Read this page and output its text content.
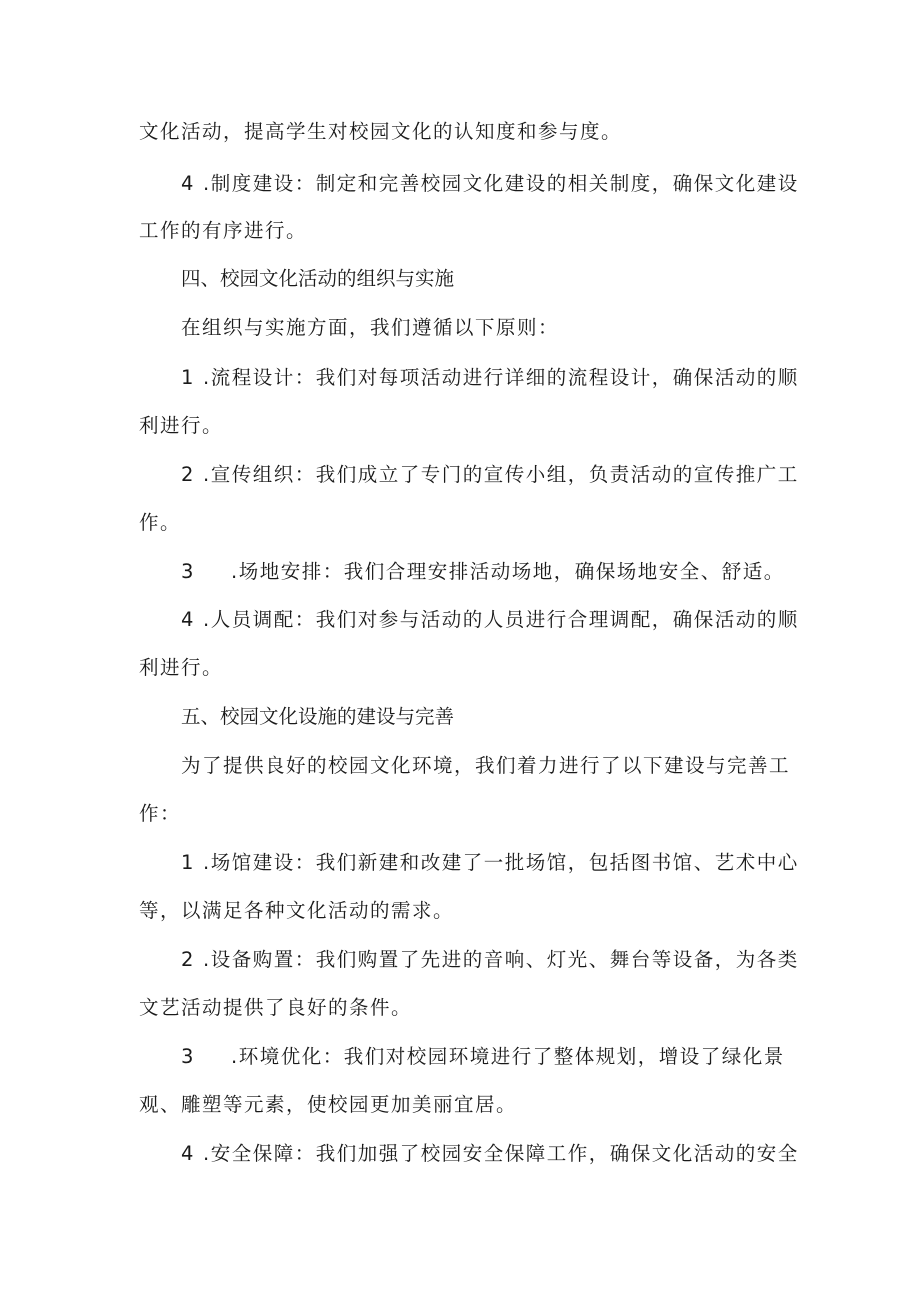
文化活动，提高学生对校园文化的认知度和参与度。
4 .制度建设：制定和完善校园文化建设的相关制度，确保文化建设
工作的有序进行。
四、校园文化活动的组织与实施
在组织与实施方面，我们遵循以下原则：
1 .流程设计：我们对每项活动进行详细的流程设计，确保活动的顺
利进行。
2 .宣传组织：我们成立了专门的宣传小组，负责活动的宣传推广工
作。
3 .场地安排：我们合理安排活动场地，确保场地安全、舒适。
4 .人员调配：我们对参与活动的人员进行合理调配，确保活动的顺
利进行。
五、校园文化设施的建设与完善
为了提供良好的校园文化环境，我们着力进行了以下建设与完善工
作：
1 .场馆建设：我们新建和改建了一批场馆，包括图书馆、艺术中心
等，以满足各种文化活动的需求。
2 .设备购置：我们购置了先进的音响、灯光、舞台等设备，为各类
文艺活动提供了良好的条件。
3 .环境优化：我们对校园环境进行了整体规划，增设了绿化景
观、雕塑等元素，使校园更加美丽宜居。
4 .安全保障：我们加强了校园安全保障工作，确保文化活动的安全
